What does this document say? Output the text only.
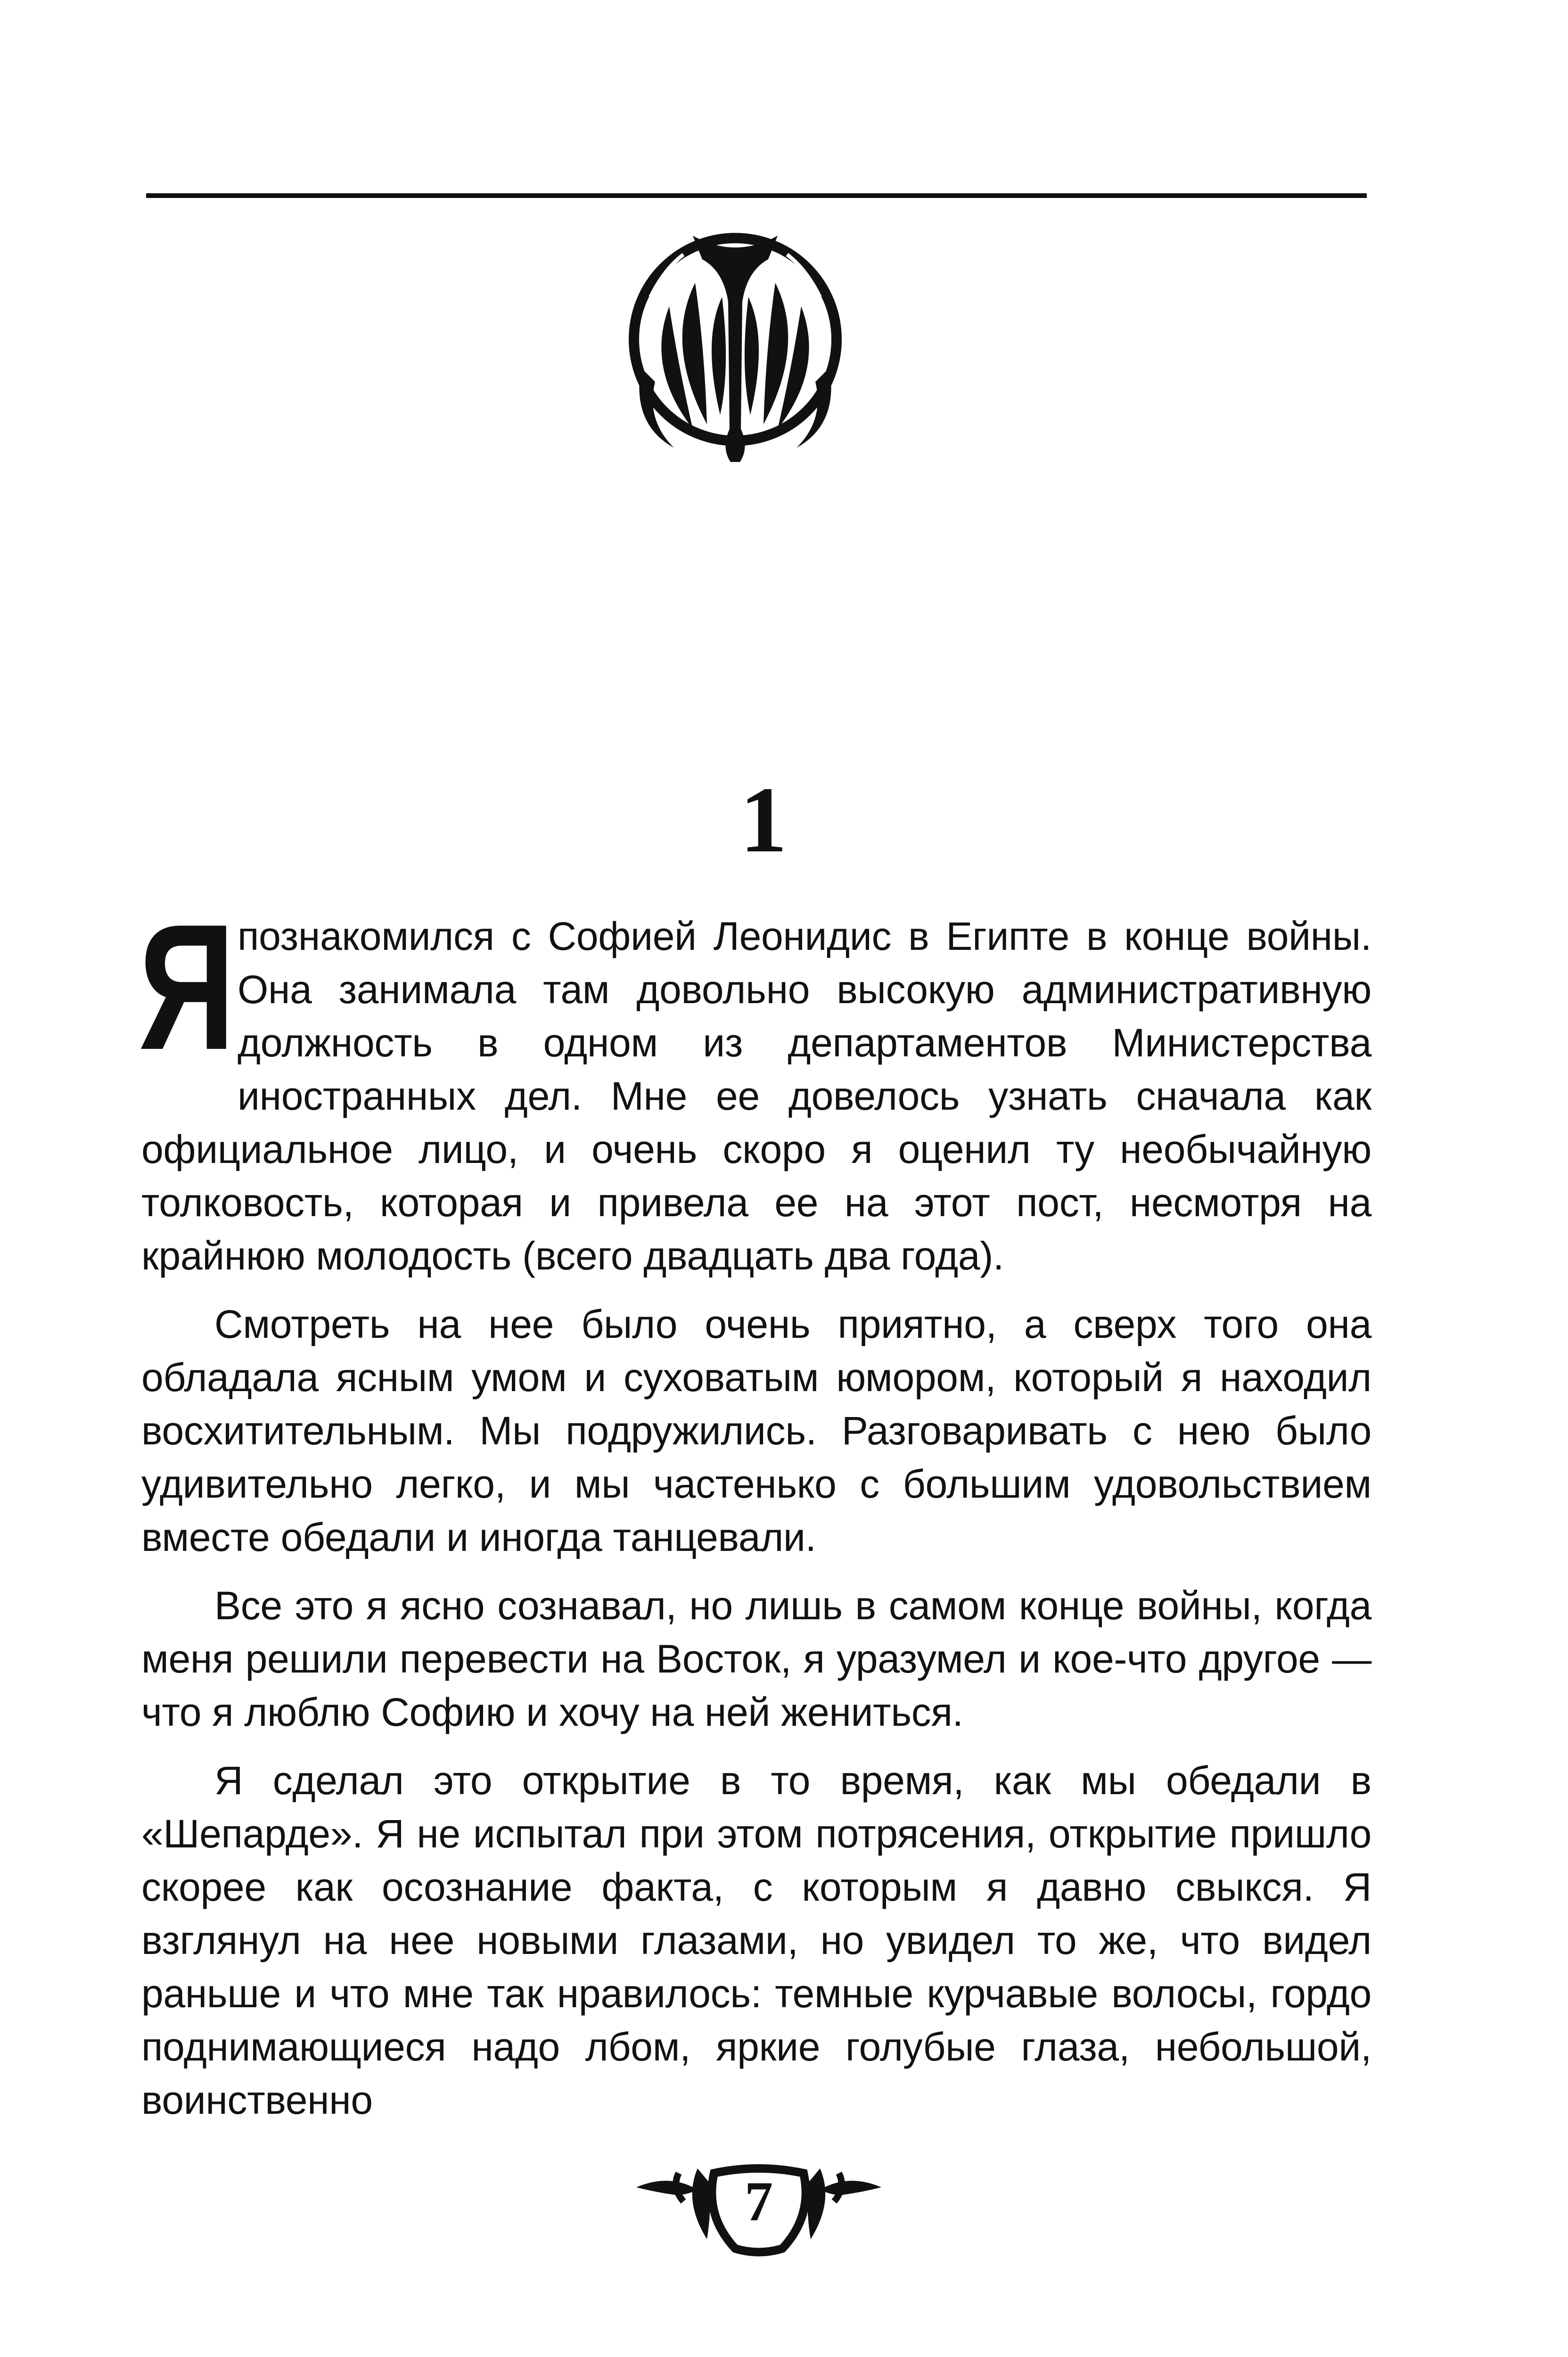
1

Япознакомился с Софией Леонидис в Египте в конце войны. Она занимала там довольно высокую административную должность в одном из департаментов Министерства иностранных дел. Мне ее довелось узнать сначала как официальное лицо, и очень скоро я оценил ту необычайную толковость, которая и привела ее на этот пост, несмотря на крайнюю молодость (всего двадцать два года).

Смотреть на нее было очень приятно, а сверх того она обладала ясным умом и суховатым юмором, который я находил восхитительным. Мы подружились. Разговаривать с нею было удивительно легко, и мы частенько с большим удовольствием вместе обедали и иногда танцевали.

Все это я ясно сознавал, но лишь в самом конце войны, когда меня решили перевести на Восток, я уразумел и кое-что другое — что я люблю Софию и хочу на ней жениться.

Я сделал это открытие в то время, как мы обедали в «Шепарде». Я не испытал при этом потрясения, открытие пришло скорее как осознание факта, с которым я давно свыкся. Я взглянул на нее новыми глазами, но увидел то же, что видел раньше и что мне так нравилось: темные курчавые волосы, гордо поднимающиеся надо лбом, яркие голубые глаза, небольшой, воинственно

7
